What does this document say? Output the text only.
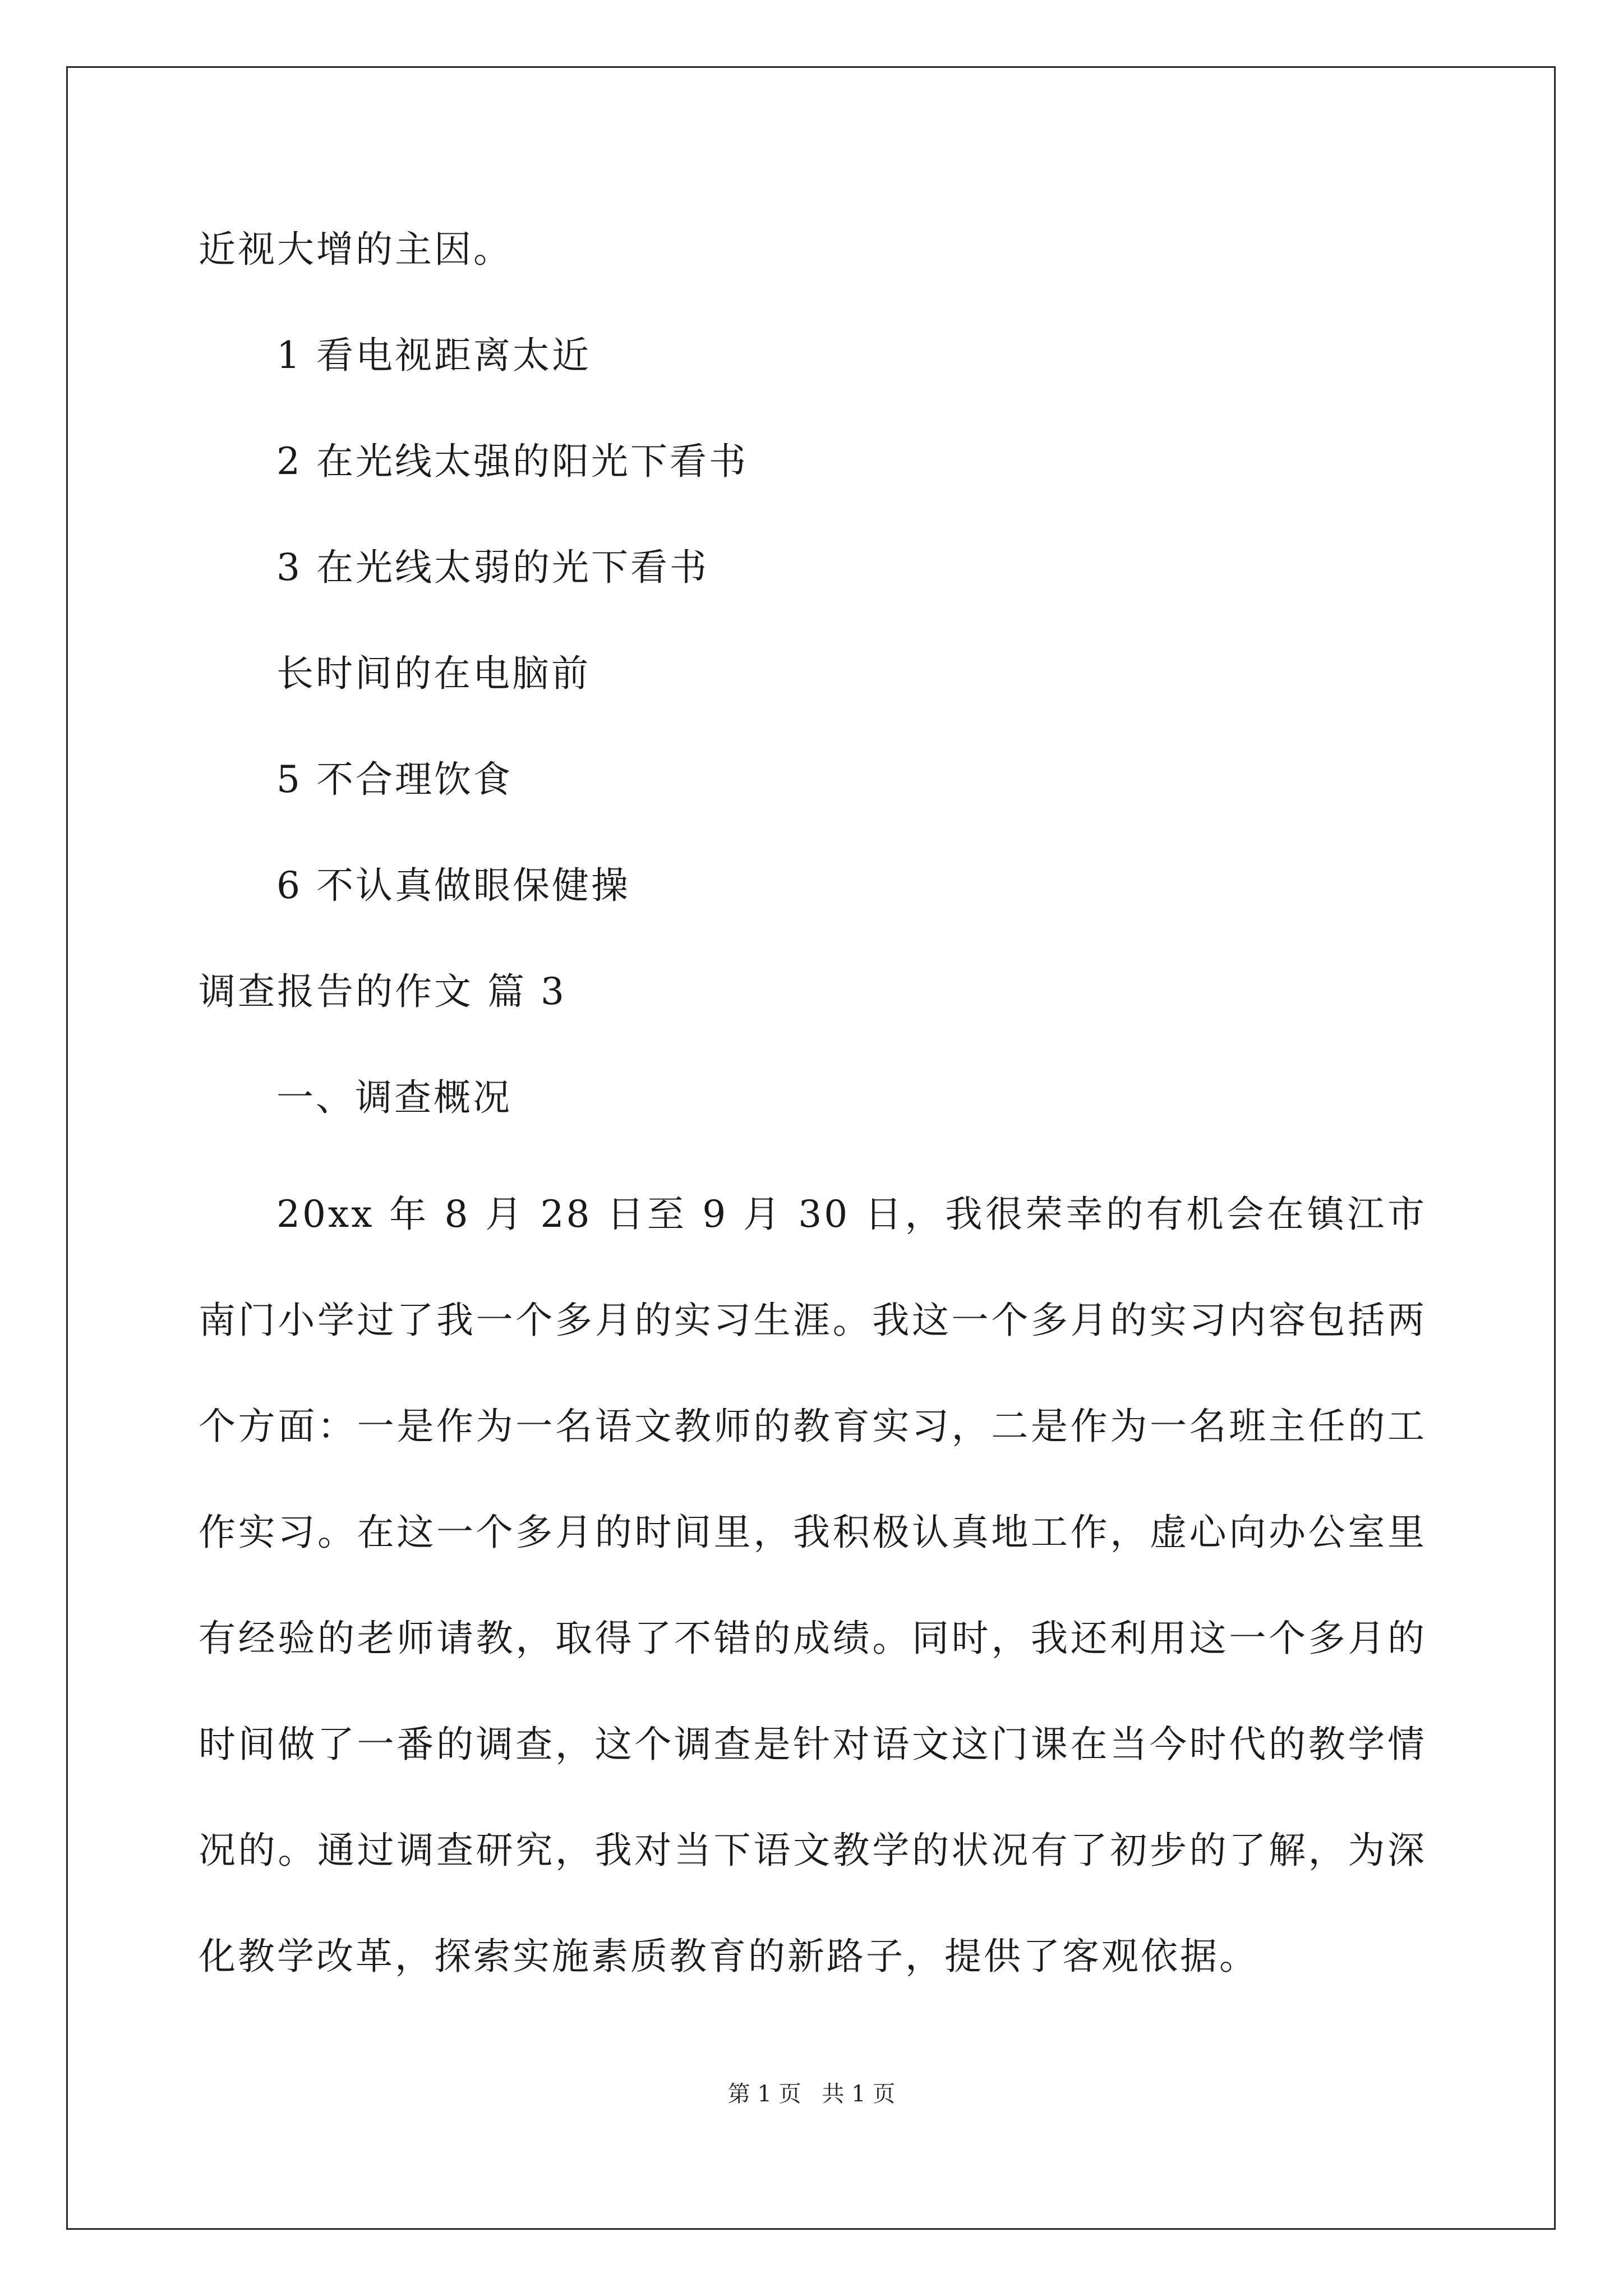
近视大增的主因。
1 看电视距离太近
2 在光线太强的阳光下看书
3 在光线太弱的光下看书
长时间的在电脑前
5 不合理饮食
6 不认真做眼保健操
调查报告的作文 篇 3
一、调查概况
20xx 年 8 月 28 日至 9 月 30 日，我很荣幸的有机会在镇江市南门小学过了我一个多月的实习生涯。我这一个多月的实习内容包括两个方面：一是作为一名语文教师的教育实习，二是作为一名班主任的工作实习。在这一个多月的时间里，我积极认真地工作，虚心向办公室里有经验的老师请教，取得了不错的成绩。同时，我还利用这一个多月的时间做了一番的调查，这个调查是针对语文这门课在当今时代的教学情况的。通过调查研究，我对当下语文教学的状况有了初步的了解，为深化教学改革，探索实施素质教育的新路子，提供了客观依据。
第 1 页 共 1 页
